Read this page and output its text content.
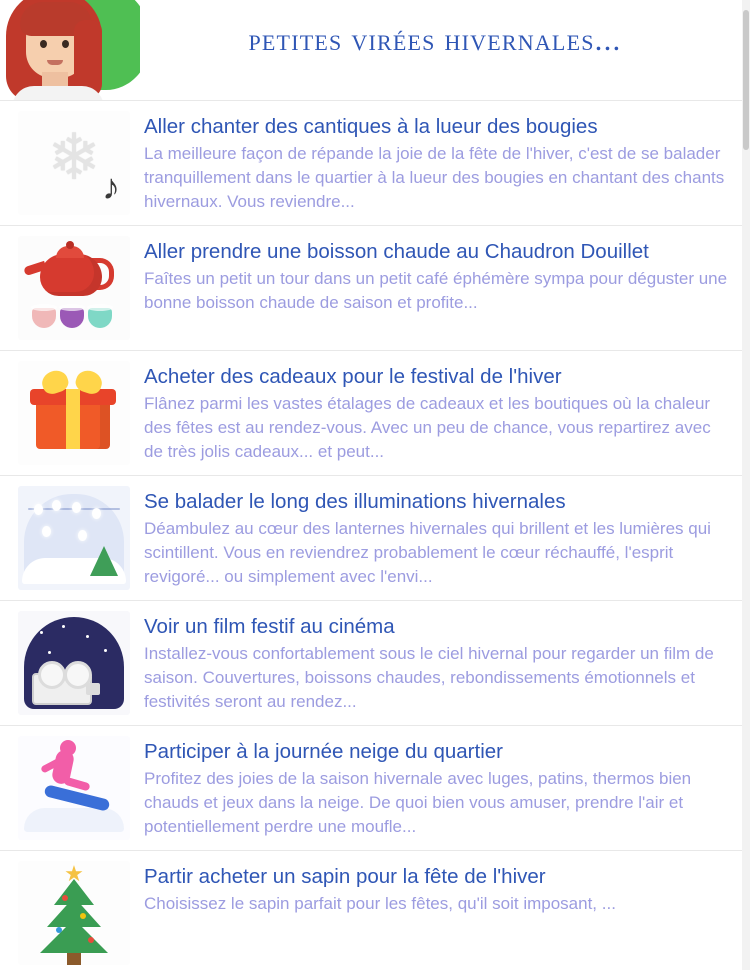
petites virées hivernales...
❄ ♪
Aller chanter des cantiques à la lueur des bougies
La meilleure façon de répande la joie de la fête de l'hiver, c'est de se balader tranquillement dans le quartier à la lueur des bougies en chantant des chants hivernaux. Vous reviendre...
Aller prendre une boisson chaude au Chaudron Douillet
Faîtes un petit un tour dans un petit café éphémère sympa pour déguster une bonne boisson chaude de saison et profite...
Acheter des cadeaux pour le festival de l'hiver
Flânez parmi les vastes étalages de cadeaux et les boutiques où la chaleur des fêtes est au rendez-vous. Avec un peu de chance, vous repartirez avec de très jolis cadeaux... et peut...
Se balader le long des illuminations hivernales
Déambulez au cœur des lanternes hivernales qui brillent et les lumières qui scintillent. Vous en reviendrez probablement le cœur réchauffé, l'esprit revigoré... ou simplement avec l'envi...
Voir un film festif au cinéma
Installez-vous confortablement sous le ciel hivernal pour regarder un film de saison. Couvertures, boissons chaudes, rebondissements émotionnels et festivités seront au rendez...
Participer à la journée neige du quartier
Profitez des joies de la saison hivernale avec luges, patins, thermos bien chauds et jeux dans la neige. De quoi bien vous amuser, prendre l'air et potentiellement perdre une moufle...
★	Partir acheter un sapin pour la fête de l'hiver
Choisissez le sapin parfait pour les fêtes, qu'il soit imposant, ...
